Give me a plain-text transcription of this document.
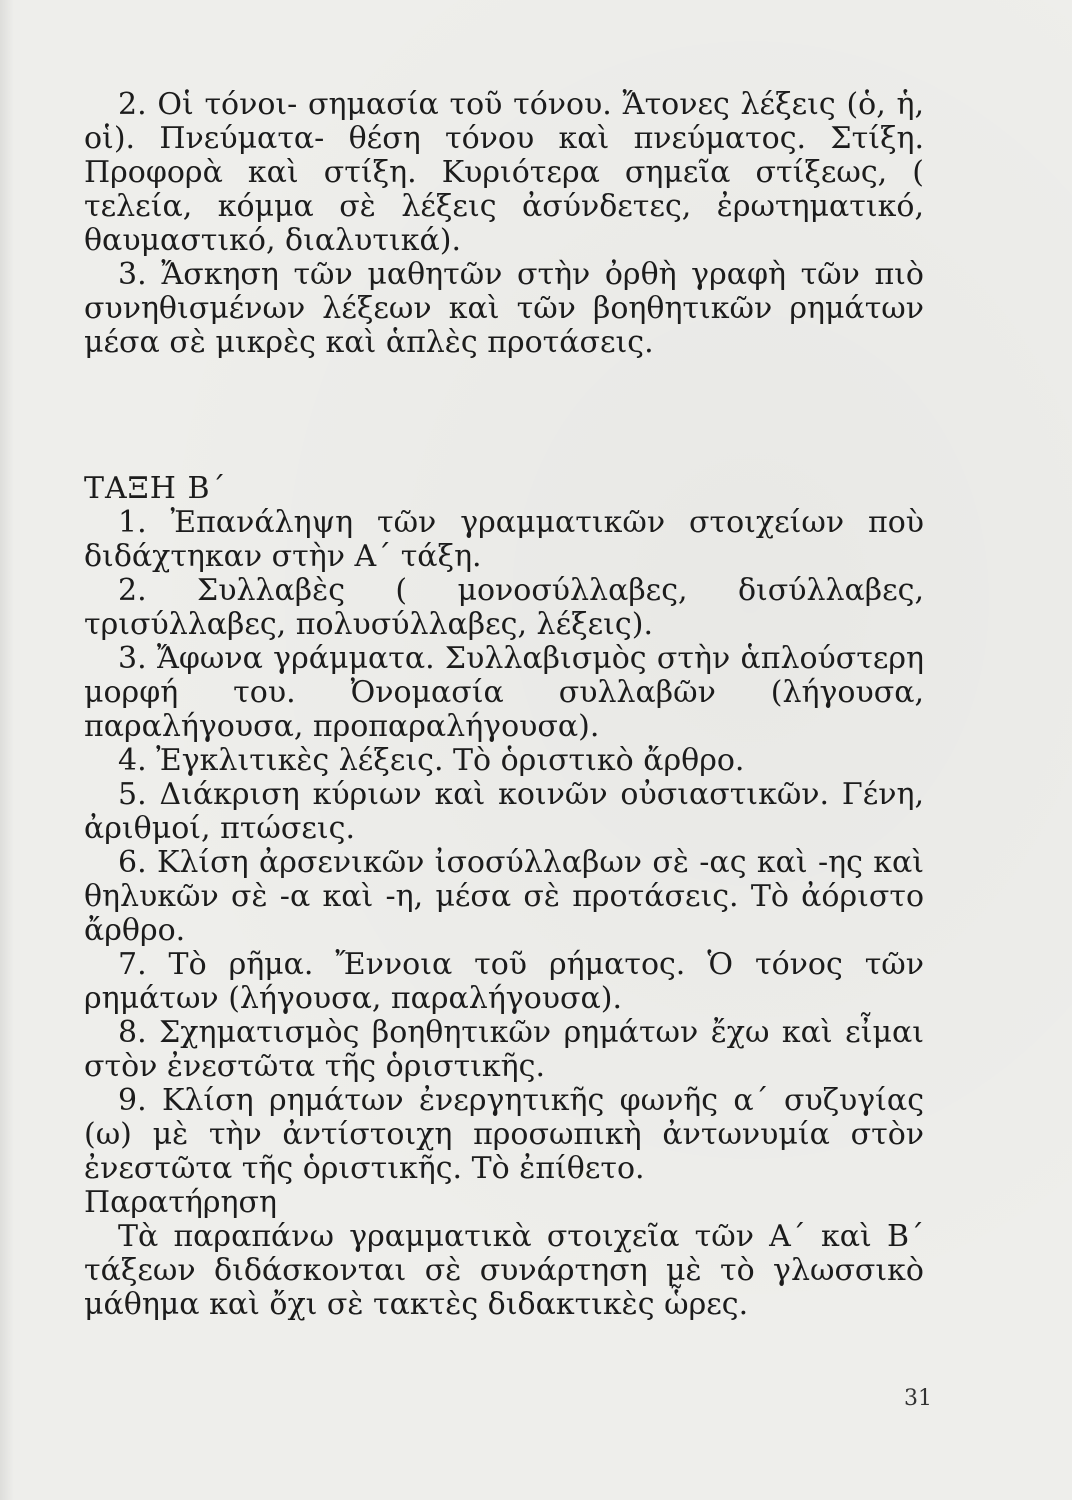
2. Οἱ τόνοι- σημασία τοῦ τόνου. Ἄτονες λέξεις (ὁ, ἡ, οἱ). Πνεύματα- θέση τόνου καὶ πνεύματος. Στίξη. Προφορὰ καὶ στίξη. Κυριότερα σημεῖα στίξεως, ( τελεία, κόμμα σὲ λέξεις ἀσύνδετες, ἐρωτηματικό, θαυμαστικό, διαλυτικά).

3. Ἄσκηση τῶν μαθητῶν στὴν ὀρθὴ γραφὴ τῶν πιὸ συνηθισμένων λέξεων καὶ τῶν βοηθητικῶν ρημάτων μέσα σὲ μικρὲς καὶ ἁπλὲς προτάσεις.

ΤΑΞΗ Β΄

1. Ἐπανάληψη τῶν γραμματικῶν στοιχείων ποὺ διδάχτηκαν στὴν Α΄ τάξη.

2. Συλλαβὲς ( μονοσύλλαβες, δισύλλαβες, τρισύλλαβες, πολυσύλλαβες, λέξεις).

3. Ἄφωνα γράμματα. Συλλαβισμὸς στὴν ἁπλούστερη μορφή του. Ὀνομασία συλλαβῶν (λήγουσα, παραλήγουσα, προπαραλήγουσα).

4. Ἐγκλιτικὲς λέξεις. Τὸ ὁριστικὸ ἄρθρο.

5. Διάκριση κύριων καὶ κοινῶν οὐσιαστικῶν. Γένη, ἀριθμοί, πτώσεις.

6. Κλίση ἀρσενικῶν ἰσοσύλλαβων σὲ -ας καὶ -ης καὶ θηλυκῶν σὲ -α καὶ -η, μέσα σὲ προτάσεις. Τὸ ἀόριστο ἄρθρο.

7. Τὸ ρῆμα. Ἔννοια τοῦ ρήματος. Ὁ τόνος τῶν ρημάτων (λήγουσα, παραλήγουσα).

8. Σχηματισμὸς βοηθητικῶν ρημάτων ἔχω καὶ εἶμαι στὸν ἐνεστῶτα τῆς ὁριστικῆς.

9. Κλίση ρημάτων ἐνεργητικῆς φωνῆς α΄ συζυγίας (ω) μὲ τὴν ἀντίστοιχη προσωπικὴ ἀντωνυμία στὸν ἐνεστῶτα τῆς ὁριστικῆς. Τὸ ἐπίθετο.

Παρατήρηση

Τὰ παραπάνω γραμματικὰ στοιχεῖα τῶν Α΄ καὶ Β΄ τάξεων διδάσκονται σὲ συνάρτηση μὲ τὸ γλωσσικὸ μάθημα καὶ ὄχι σὲ τακτὲς διδακτικὲς ὧρες.

31
